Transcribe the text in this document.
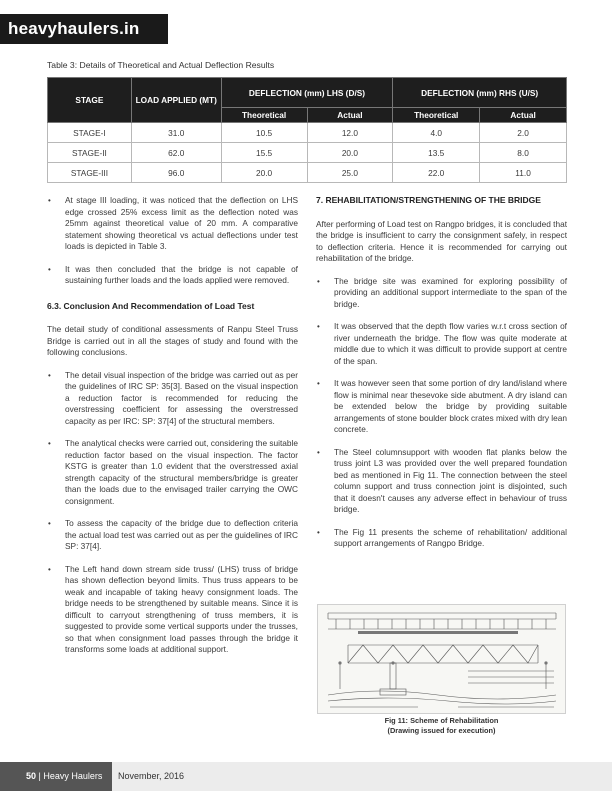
heavyhaulers.in
Table 3: Details of Theoretical and Actual Deflection Results
STAGE	LOAD APPLIED (MT)	DEFLECTION (mm) LHS (D/S)		DEFLECTION (mm) RHS (U/S)	
		Theoretical	Actual	Theoretical	Actual
STAGE-I	31.0	10.5	12.0	4.0	2.0
STAGE-II	62.0	15.5	20.0	13.5	8.0
STAGE-III	96.0	20.0	25.0	22.0	11.0

• At stage III loading, it was noticed that the deflection on LHS edge crossed 25% excess limit as the deflection noted was 25mm against theoretical value of 20 mm. A comparative statement showing theoretical vs actual deflections under test loads is depicted in Table 3.

• It was then concluded that the bridge is not capable of sustaining further loads and the loads applied were removed.

6.3. Conclusion And Recommendation of Load Test

The detail study of conditional assessments of Ranpu Steel Truss Bridge is carried out in all the stages of study and found with the following conclusions.

• The detail visual inspection of the bridge was carried out as per the guidelines of IRC SP: 35[3]. Based on the visual inspection a reduction factor is recommended for reducing the overstressing coefficient for assessing the overstressed capacity as per IRC: SP: 37[4] of the structural members.

• The analytical checks were carried out, considering the suitable reduction factor based on the visual inspection. The factor KSTG is greater than 1.0 evident that the overstressed axial strength capacity of the structural members/bridge is greater than the loads due to the envisaged trailer carrying the OWC consignment.

• To assess the capacity of the bridge due to deflection criteria the actual load test was carried out as per the guidelines of IRC SP: 37[4].

• The Left hand down stream side truss/ (LHS) truss of bridge has shown deflection beyond limits. Thus truss appears to be weak and incapable of taking heavy consignment loads. The bridge needs to be strengthened by suitable means. Since it is difficult to carryout strengthening of truss members, it is suggested to provide some vertical supports under the trusses, so that when consignment load passes through the bridge it transforms some loads at additional support.

7. REHABILITATION/STRENGTHENING OF THE BRIDGE

After performing of Load test on Rangpo bridges, it is concluded that the bridge is insufficient to carry the consignment safely, in respect to deflection criteria. Hence it is recommended for carrying out rehabilitation of the bridge.

• The bridge site was examined for exploring possibility of providing an additional support intermediate to the span of the bridge.

• It was observed that the depth flow varies w.r.t cross section of river underneath the bridge. The flow was quite moderate at middle due to which it was difficult to provide support at centre of the span.

• It was however seen that some portion of dry land/island where flow is minimal near thesevoke side abutment. A dry island can be extended below the bridge by providing suitable arrangements of stone boulder block crates mixed with dry lean concrete.

• The Steel columnsupport with wooden flat planks below the truss joint L3 was provided over the well prepared foundation bed as mentioned in Fig 11. The connection between the steel column support and truss connection joint is disjointed, such that it doesn't causes any adverse effect in behaviour of truss bridge.

• The Fig 11 presents the scheme of rehabilitation/ additional support arrangements of Rangpo Bridge.

Fig 11: Scheme of Rehabilitation
(Drawing issued for execution)
50 | Heavy Haulers	November, 2016
